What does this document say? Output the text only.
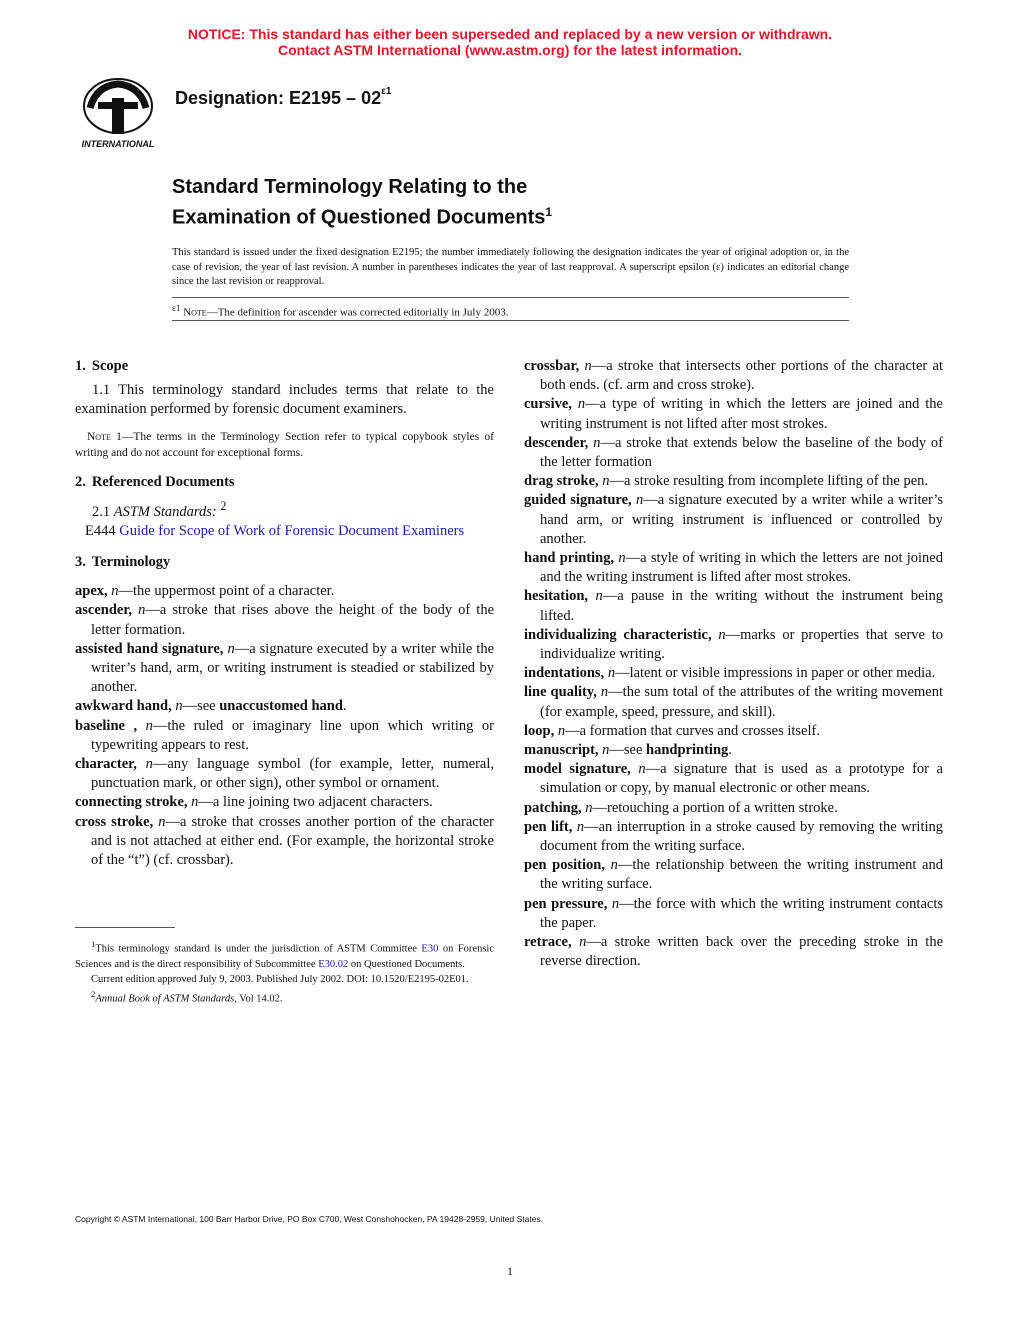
NOTICE: This standard has either been superseded and replaced by a new version or withdrawn.
Contact ASTM International (www.astm.org) for the latest information.
INTERNATIONAL
Designation: $E2195 - 02^{\varepsilon 1}$
Standard Terminology Relating to the
Examination of Questioned Documents$^1$
This standard is issued under the fixed designation E2195; the number immediately following the designation indicates the year of original adoption or, in the case of revision, the year of last revision. A number in parentheses indicates the year of last reapproval. A superscript epsilon (ε) indicates an editorial change since the last revision or reapproval.
$^{\varepsilon 1}$ Note—The definition for ascender was corrected editorially in July 2003.
1. Scope

1.1 This terminology standard includes terms that relate to the examination performed by forensic document examiners.

Note 1—The terms in the Terminology Section refer to typical copybook styles of writing and do not account for exceptional forms.

2. Referenced Documents

2.1 ASTM Standards: $^2$

E444 Guide for Scope of Work of Forensic Document Examiners

3. Terminology

apex, n—the uppermost point of a character.

ascender, n—a stroke that rises above the height of the body of the letter formation.

assisted hand signature, n—a signature executed by a writer while the writer’s hand, arm, or writing instrument is steadied or stabilized by another.

awkward hand, n—see unaccustomed hand.

baseline , n—the ruled or imaginary line upon which writing or typewriting appears to rest.

character, n—any language symbol (for example, letter, numeral, punctuation mark, or other sign), other symbol or ornament.

connecting stroke, n—a line joining two adjacent characters.

cross stroke, n—a stroke that crosses another portion of the character and is not attached at either end. (For example, the horizontal stroke of the “t”) (cf. crossbar).

crossbar, n—a stroke that intersects other portions of the character at both ends. (cf. arm and cross stroke).

cursive, n—a type of writing in which the letters are joined and the writing instrument is not lifted after most strokes.

descender, n—a stroke that extends below the baseline of the body of the letter formation

drag stroke, n—a stroke resulting from incomplete lifting of the pen.

guided signature, n—a signature executed by a writer while a writer’s hand arm, or writing instrument is influenced or controlled by another.

hand printing, n—a style of writing in which the letters are not joined and the writing instrument is lifted after most strokes.

hesitation, n—a pause in the writing without the instrument being lifted.

individualizing characteristic, n—marks or properties that serve to individualize writing.

indentations, n—latent or visible impressions in paper or other media.

line quality, n—the sum total of the attributes of the writing movement (for example, speed, pressure, and skill).

loop, n—a formation that curves and crosses itself.

manuscript, n—see handprinting.

model signature, n—a signature that is used as a prototype for a simulation or copy, by manual electronic or other means.

patching, n—retouching a portion of a written stroke.

pen lift, n—an interruption in a stroke caused by removing the writing document from the writing surface.

pen position, n—the relationship between the writing instrument and the writing surface.

pen pressure, n—the force with which the writing instrument contacts the paper.

retrace, n—a stroke written back over the preceding stroke in the reverse direction.

$^1$This terminology standard is under the jurisdiction of ASTM Committee E30 on Forensic Sciences and is the direct responsibility of Subcommittee E30.02 on Questioned Documents.

Current edition approved July 9, 2003. Published July 2002. DOI: 10.1520/E2195-02E01.

$^2$Annual Book of ASTM Standards, Vol 14.02.

Copyright © ASTM International, 100 Barr Harbor Drive, PO Box C700, West Conshohocken, PA 19428-2959, United States.
1
